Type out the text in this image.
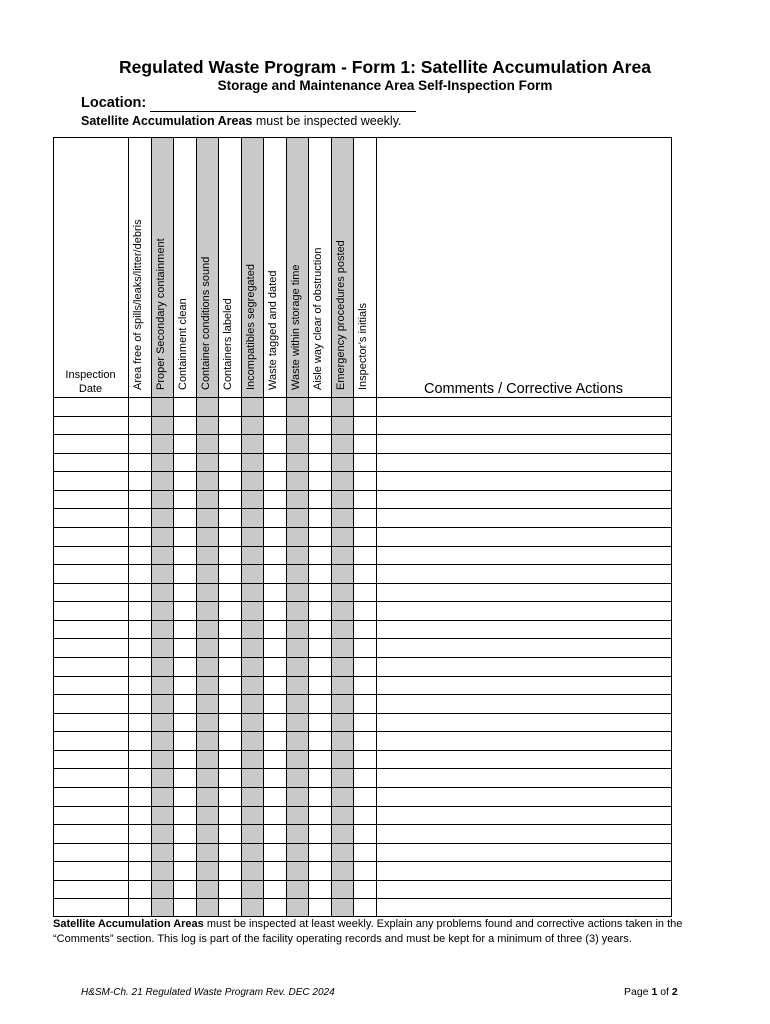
Regulated Waste Program - Form 1: Satellite Accumulation Area
Storage and Maintenance Area Self-Inspection Form
Location:
Satellite Accumulation Areas must be inspected weekly.
Inspection
Date	Comments / Corrective Actions
Area free of spills/leaks/litter/debris Proper Secondary containment Containment clean Container conditions sound Containers labeled Incompatibles segregated Waste tagged and dated Waste within storage time Aisle way clear of obstruction Emergency procedures posted Inspector’s initials
Satellite Accumulation Areas must be inspected at least weekly. Explain any problems found and corrective actions taken in the “Comments” section. This log is part of the facility operating records and must be kept for a minimum of three (3) years.
H&SM-Ch. 21 Regulated Waste Program Rev. DEC 2024	Page 1 of 2
